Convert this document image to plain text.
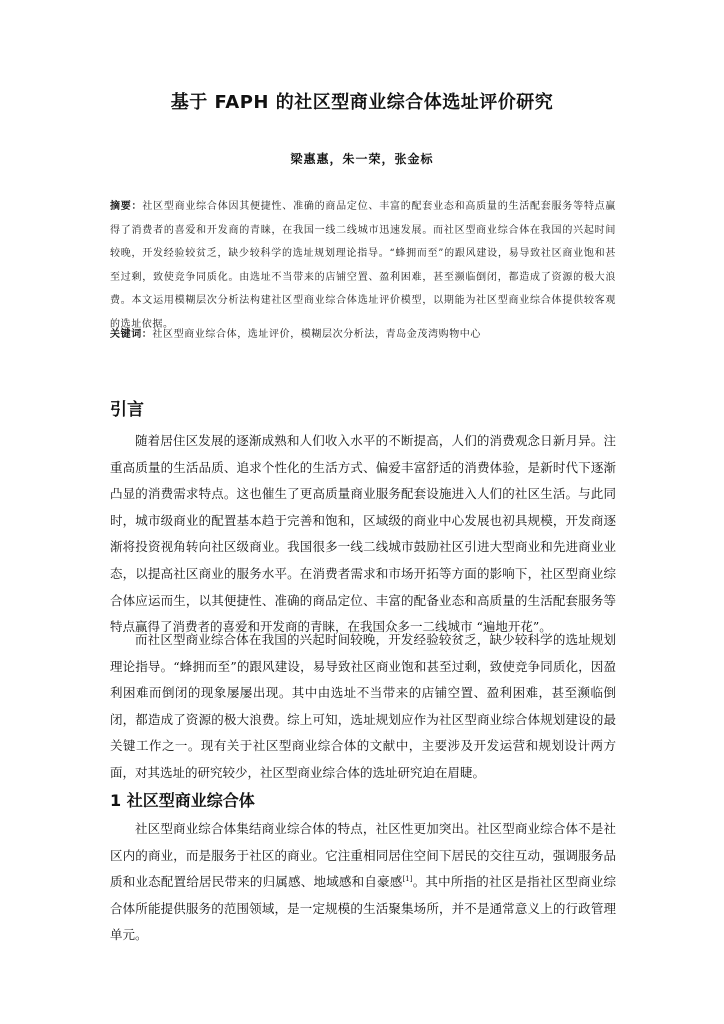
基于 FAPH 的社区型商业综合体选址评价研究
梁惠惠，朱一荣，张金标

摘要：社区型商业综合体因其便捷性、准确的商品定位、丰富的配套业态和高质量的生活配套服务等特点赢得了消费者的喜爱和开发商的青睐，在我国一线二线城市迅速发展。而社区型商业综合体在我国的兴起时间较晚，开发经验较贫乏，缺少较科学的选址规划理论指导。“蜂拥而至”的跟风建设，易导致社区商业饱和甚至过剩，致使竞争同质化。由选址不当带来的店铺空置、盈利困难，甚至濒临倒闭，都造成了资源的极大浪费。本文运用模糊层次分析法构建社区型商业综合体选址评价模型，以期能为社区型商业综合体提供较客观的选址依据。

关键词：社区型商业综合体，选址评价，模糊层次分析法，青岛金茂湾购物中心

引言

随着居住区发展的逐渐成熟和人们收入水平的不断提高，人们的消费观念日新月异。注重高质量的生活品质、追求个性化的生活方式、偏爱丰富舒适的消费体验，是新时代下逐渐凸显的消费需求特点。这也催生了更高质量商业服务配套设施进入人们的社区生活。与此同时，城市级商业的配置基本趋于完善和饱和，区域级的商业中心发展也初具规模，开发商逐渐将投资视角转向社区级商业。我国很多一线二线城市鼓励社区引进大型商业和先进商业业态，以提高社区商业的服务水平。在消费者需求和市场开拓等方面的影响下，社区型商业综合体应运而生，以其便捷性、准确的商品定位、丰富的配备业态和高质量的生活配套服务等特点赢得了消费者的喜爱和开发商的青睐，在我国众多一二线城市 “遍地开花”。

而社区型商业综合体在我国的兴起时间较晚，开发经验较贫乏，缺少较科学的选址规划理论指导。“蜂拥而至”的跟风建设，易导致社区商业饱和甚至过剩，致使竞争同质化，因盈利困难而倒闭的现象屡屡出现。其中由选址不当带来的店铺空置、盈利困难，甚至濒临倒闭，都造成了资源的极大浪费。综上可知，选址规划应作为社区型商业综合体规划建设的最关键工作之一。现有关于社区型商业综合体的文献中，主要涉及开发运营和规划设计两方面，对其选址的研究较少，社区型商业综合体的选址研究迫在眉睫。

1 社区型商业综合体

社区型商业综合体集结商业综合体的特点，社区性更加突出。社区型商业综合体不是社区内的商业，而是服务于社区的商业。它注重相同居住空间下居民的交往互动，强调服务品质和业态配置给居民带来的归属感、地域感和自豪感[1]。其中所指的社区是指社区型商业综合体所能提供服务的范围领域，是一定规模的生活聚集场所，并不是通常意义上的行政管理单元。
